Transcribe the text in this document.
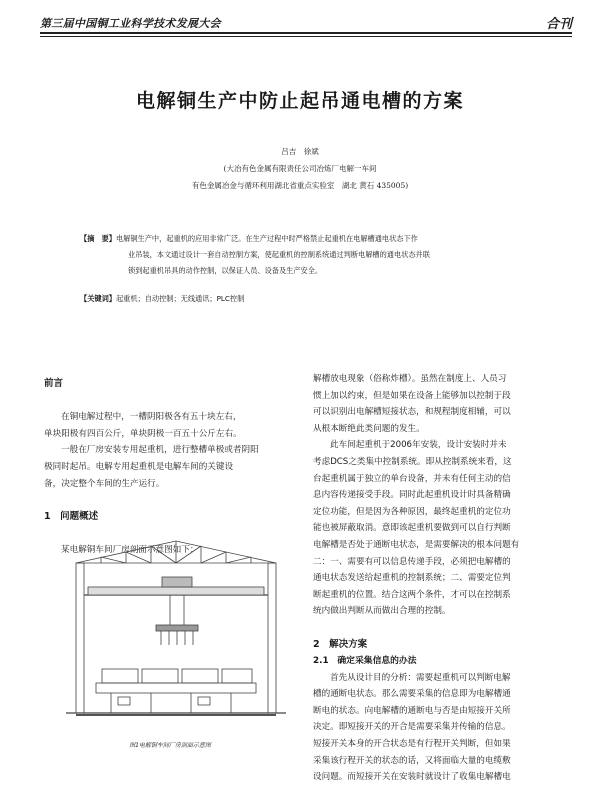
第三届中国铜工业科学技术发展大会	合刊
电解铜生产中防止起吊通电槽的方案
吕吉　徐斌
(大冶有色金属有限责任公司冶炼厂电解一车间
有色金属冶金与循环利用湖北省重点实验室　湖北 黄石 435005)
【摘　要】电解铜生产中，起重机的应用非常广泛。在生产过程中时严格禁止起重机在电解槽通电状态下作
业吊装，本文通过设计一套自动控制方案，使起重机的控制系统通过判断电解槽的通电状态并联
锁到起重机吊具的动作控制，以保证人员、设备及生产安全。
【关键词】起重机；自动控制；无线通讯；PLC控制
前言
在铜电解过程中，一槽阴阳极各有五十块左右，
单块阳极有四百公斤，单块阴极一百五十公斤左右。
一般在厂房安装专用起重机，进行整槽单极或者阴阳
极同时起吊。电解专用起重机是电解车间的关键设
备，决定整个车间的生产运行。
1　问题概述
某电解铜车间厂房剖面示意图如下：
图1电解铜车间厂房剖面示意图
解槽放电现象（俗称炸槽）。虽然在制度上、人员习
惯上加以约束，但是如果在设备上能够加以控制于段
可以识别出电解槽短接状态，和规程制度相辅，可以
从根本断绝此类问题的发生。
此车间起重机于2006年安装，设计安装时并未
考虑DCS之类集中控制系统。即从控制系统来看，这
台起重机属于独立的单台设备，并未有任何主动的信
息内容传递接受手段。同时此起重机设计时具备精确
定位功能，但是因为各种原因，最终起重机的定位功
能也被屏蔽取消。意即该起重机要做到可以自行判断
电解槽是否处于通断电状态，是需要解决的根本问题有
二：一、需要有可以信息传递手段，必须把电解槽的
通电状态发送给起重机的控制系统；二、需要定位判
断起重机的位置。结合这两个条件，才可以在控制系
统内做出判断从而做出合理的控制。
2　解决方案
2.1　确定采集信息的办法
首先从设计目的分析：需要起重机可以判断电解
槽的通断电状态。那么需要采集的信息即为电解槽通
断电的状态。向电解槽的通断电与否是由短接开关所
决定。即短接开关的开合是需要采集并传输的信息。
短接开关本身的开合状态是有行程开关判断，但如果
采集该行程开关的状态的话，又将面临大量的电缆敷
设问题。而短接开关在安装时就设计了收集电解槽电
